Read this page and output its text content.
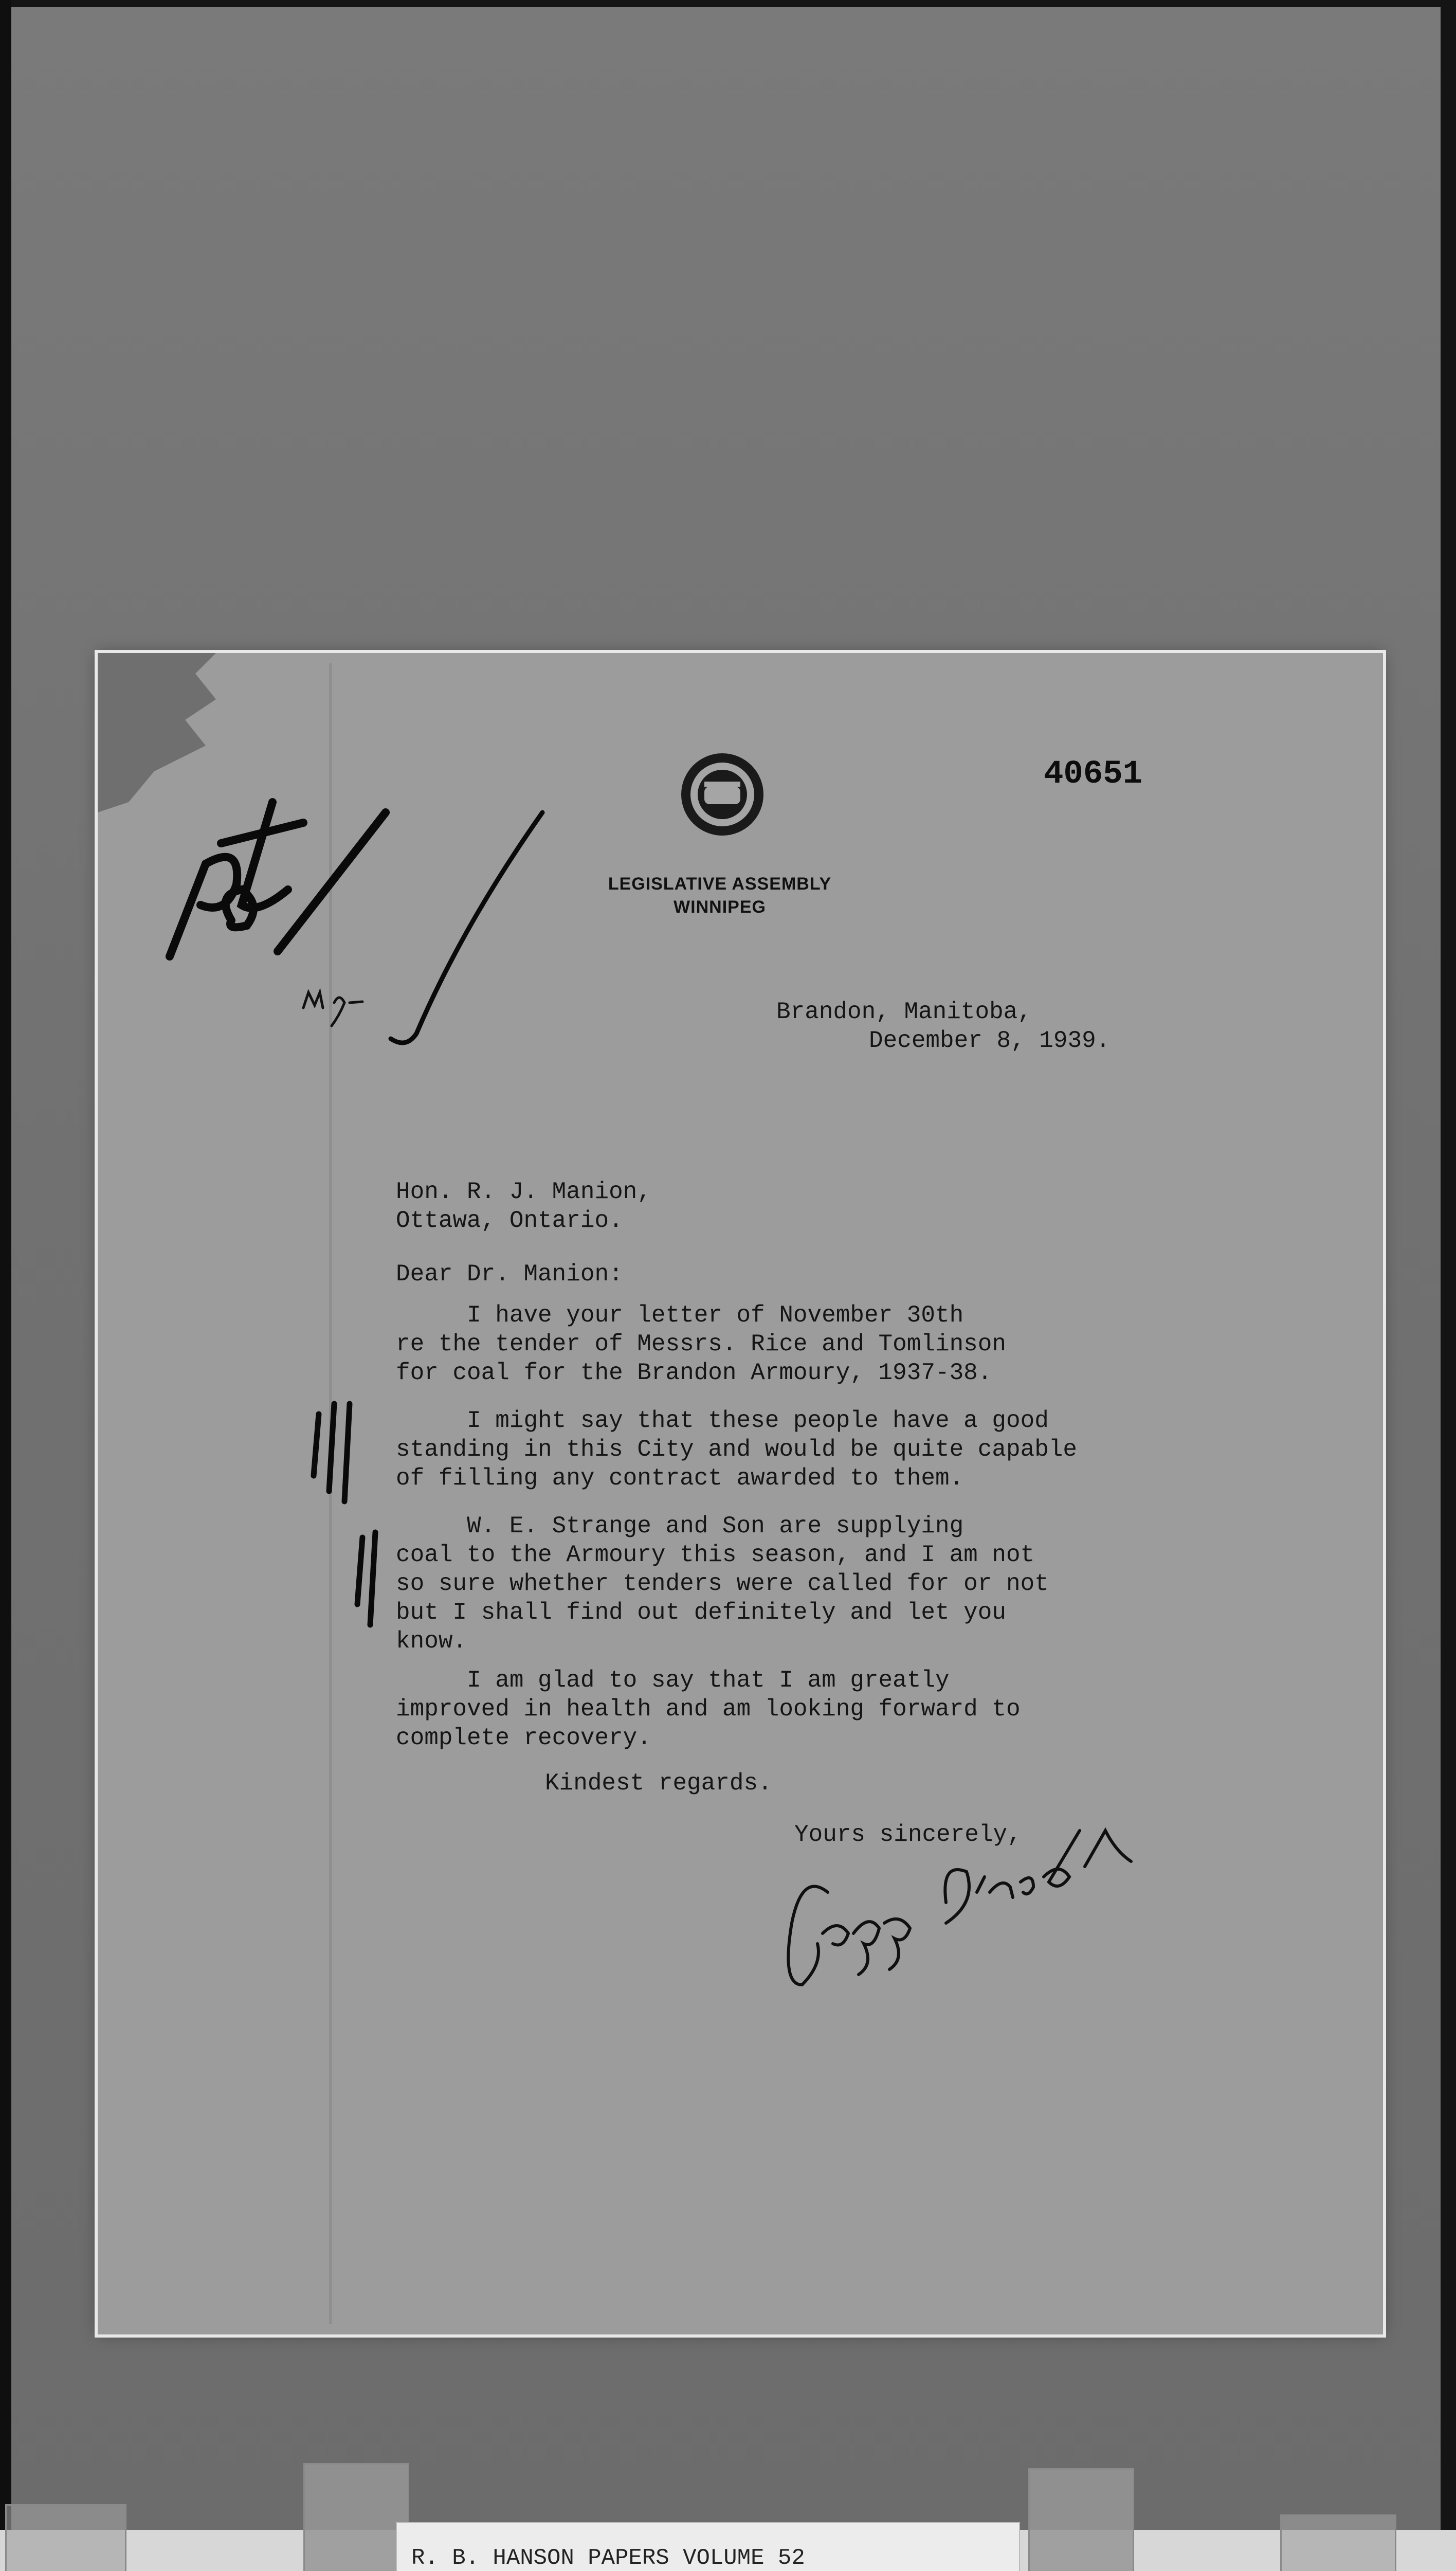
LEGISLATIVE ASSEMBLY
WINNIPEG
40651
Brandon, Manitoba,
December 8, 1939.
Hon. R. J. Manion,
Ottawa, Ontario.
Dear Dr. Manion:
I have your letter of November 30th
re the tender of Messrs. Rice and Tomlinson
for coal for the Brandon Armoury, 1937-38.
I might say that these people have a good
standing in this City and would be quite capable
of filling any contract awarded to them.
W. E. Strange and Son are supplying
coal to the Armoury this season, and I am not
so sure whether tenders were called for or not
but I shall find out definitely and let you
know.
I am glad to say that I am greatly
improved in health and am looking forward to
complete recovery.
Kindest regards.
Yours sincerely,
R. B. HANSON PAPERS VOLUME 52
